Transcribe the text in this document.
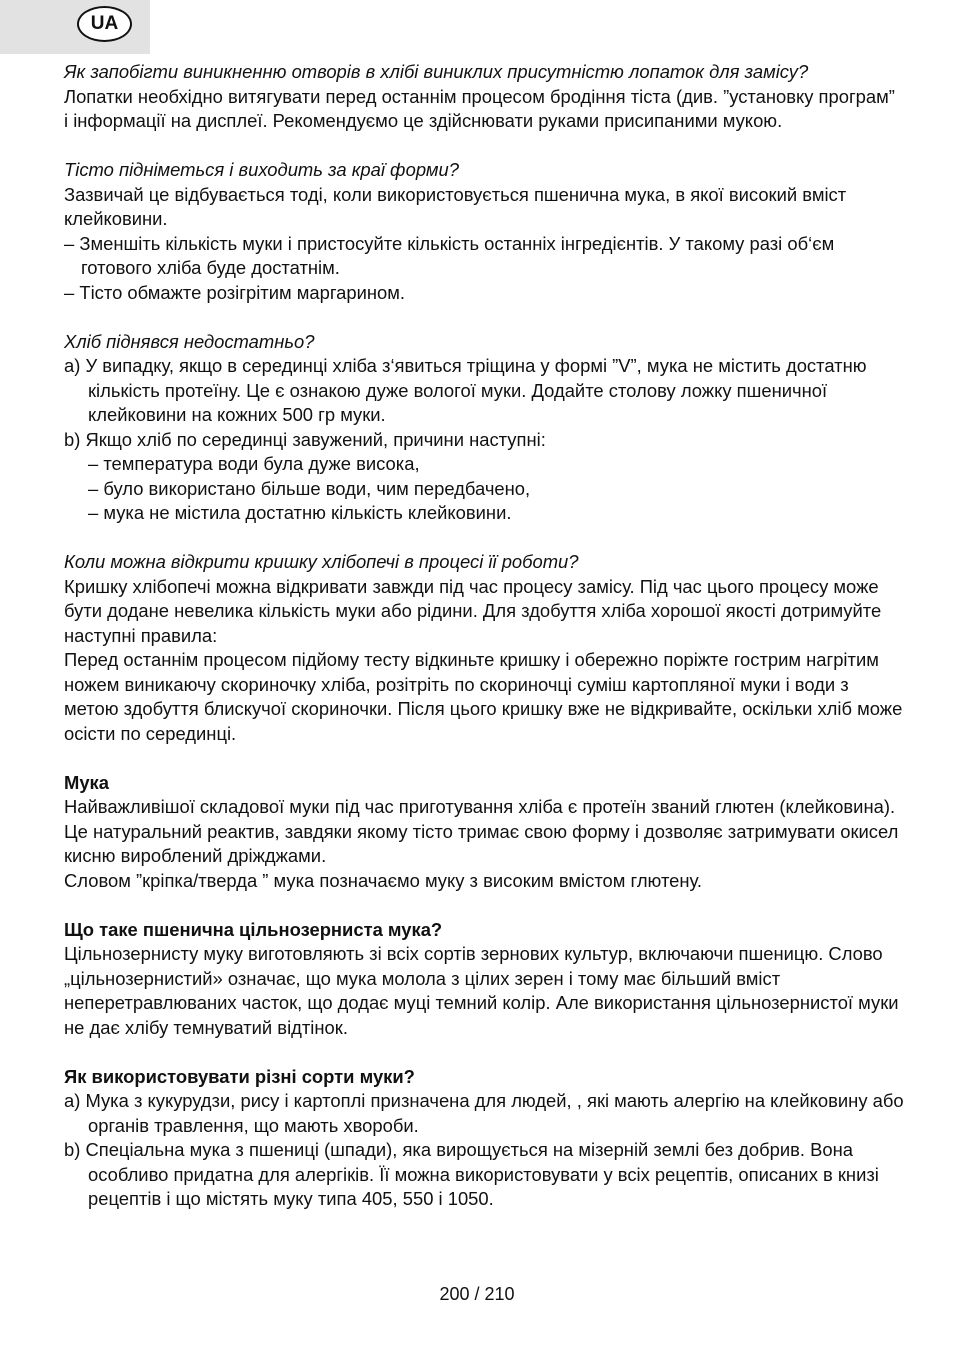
UA

Як запобігти виникненню отворів в хлібі виниклих присутністю лопаток для замісу?

Лопатки необхідно витягувати перед останнім процесом бродіння тіста (див. ”установку програм” і інформації на дисплеї. Рекомендуємо це здійснювати руками присипаними мукою.

Тісто підніметься і виходить за краї форми?

Зазвичай це відбувається тоді, коли використовується пшенична мука, в якої високий вміст клейковини.

– Зменшіть кількість муки і пристосуйте кількість останніх інгредієнтів. У такому разі об‘єм готового хліба буде достатнім.

– Тісто обмажте розігрітим маргарином.

Хліб піднявся недостатньо?

а) У випадку, якщо в серединці хліба з‘явиться тріщина у формі ”V”, мука не містить достатню кількість протеїну. Це є ознакою дуже вологої муки. Додайте столову ложку пшеничної клейковини на кожних 500 гр муки.

b) Якщо хліб по серединці завужений, причини наступні:

– температура води була дуже висока,

– було використано більше води, чим передбачено,

– мука не містила достатню кількість клейковини.

Коли можна відкрити кришку хлібопечі в процесі її роботи?

Кришку хлібопечі можна відкривати завжди під час процесу замісу. Під час цього процесу може бути додане невелика кількість муки або рідини. Для здобуття хліба хорошої якості дотримуйте наступні правила:

Перед останнім процесом підйому тесту відкиньте кришку і обережно поріжте гострим нагрітим ножем виникаючу скориночку хліба, розітріть по скориночці суміш картопляної муки і води з метою здобуття блискучої скориночки. Після цього кришку вже не відкривайте, оскільки хліб може осісти по серединці.

Мука

Найважливішої складової муки під час приготування хліба є протеїн званий глютен (клейковина). Це натуральний реактив, завдяки якому тісто тримає свою форму і дозволяє затримувати окисел кисню вироблений дріжджами.

Словом ”кріпка/тверда ” мука позначаємо муку з високим вмістом глютену.

Що таке пшенична цільнозерниста мука?

Цільнозернисту муку виготовляють зі всіх сортів зернових культур, включаючи пшеницю. Слово „цільнозернистий» означає, що мука молола з цілих зерен і тому має більший вміст неперетравлюваних часток, що додає муці темний колір. Але використання цільнозернистої муки не дає хлібу темнуватий відтінок.

Як використовувати різні сорти муки?

а) Мука з кукурудзи, рису і картоплі призначена для людей, , які мають алергію на клейковину або органів травлення, що мають хвороби.

b) Спеціальна мука з пшениці (шпади), яка вирощується на мізерній землі без добрив. Вона особливо придатна для алергіків. Її можна використовувати у всіх рецептів, описаних в книзі рецептів і що містять муку типа 405, 550 і 1050.

200 / 210
